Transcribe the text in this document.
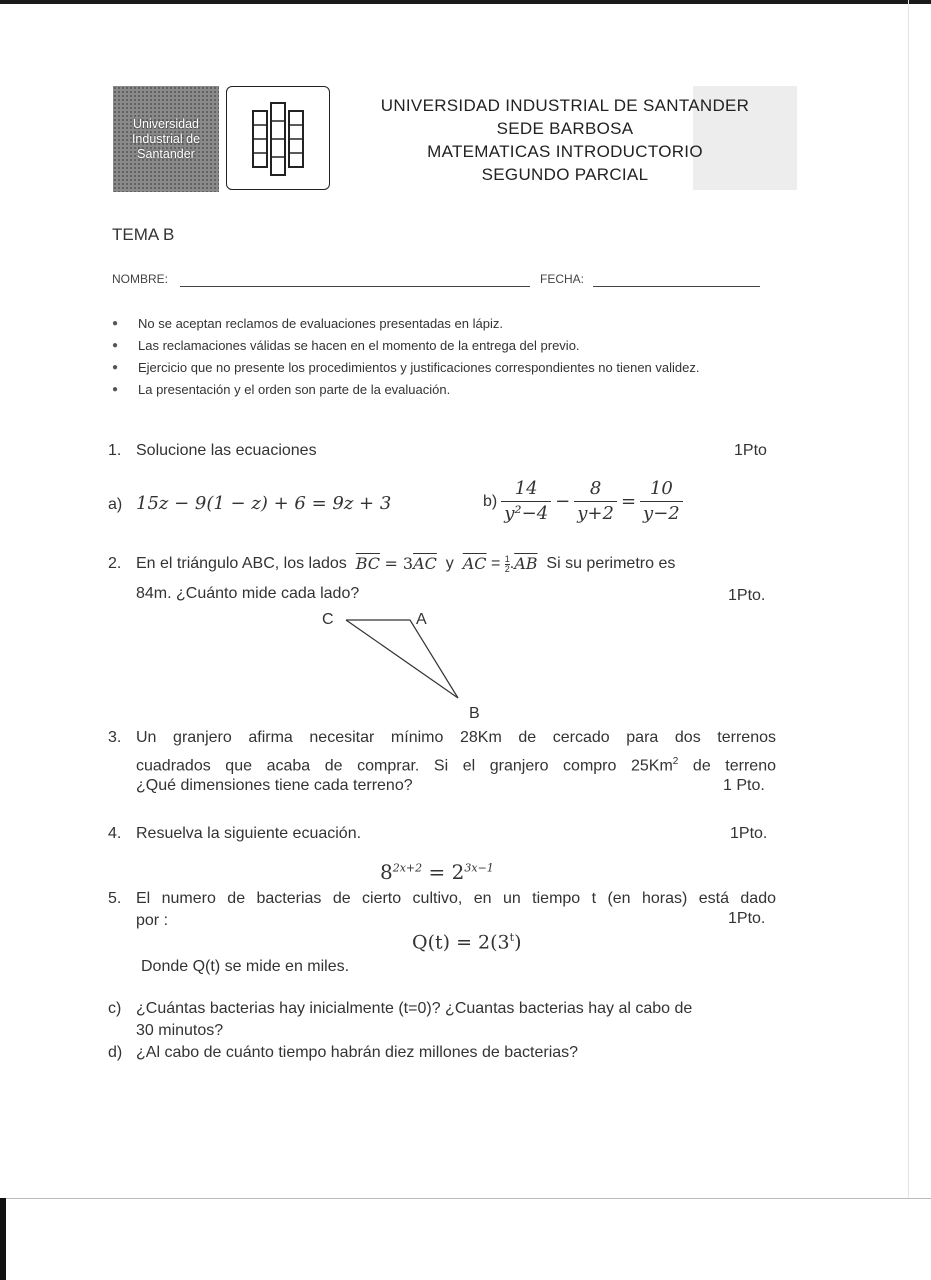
Universidad
Industrial de
Santander
UNIVERSIDAD INDUSTRIAL DE SANTANDER
SEDE BARBOSA
MATEMATICAS INTRODUCTORIO
SEGUNDO PARCIAL
TEMA B
NOMBRE:	FECHA:
● No se aceptan reclamos de evaluaciones presentadas en lápiz.
● Las reclamaciones válidas se hacen en el momento de la entrega del previo.
● Ejercicio que no presente los procedimientos y justificaciones correspondientes no tienen validez.
● La presentación y el orden son parte de la evaluación.
1. Solucione las ecuaciones	1Pto
a) 15z − 9(1 − z) + 6 = 9z + 3	$b) \frac{14}{\text{y²−4}} - \frac{8}{y+2} = \frac{10}{y-2}$
2. En el triángulo ABC, los lados
$\overline{BC}$
= 3 $\overline{AC}$
y
$\overline{AC}$
=
$\frac{1}{2}$ . $\overline{AB}$
Si su perimetro es
84m. ¿Cuánto mide cada lado?	1Pto.
C	A
B
3. Un granjero afirma necesitar mínimo 28Km de cercado para dos terrenos
cuadrados que acaba de comprar. Si el granjero compro 25Km$^2$ de terreno
¿Qué dimensiones tiene cada terreno?	1 Pto.
4. Resuelva la siguiente ecuación.	1Pto.
$8^{2x+2} = 2^{3x-1}$
5. El numero de bacterias de cierto cultivo, en un tiempo t (en horas) está dado
por :	1Pto.
$Q(t) = 2(3^t)$
Donde Q(t) se mide en miles.
c) ¿Cuántas bacterias hay inicialmente (t=0)? ¿Cuantas bacterias hay al cabo de
30 minutos?
d) ¿Al cabo de cuánto tiempo habrán diez millones de bacterias?
